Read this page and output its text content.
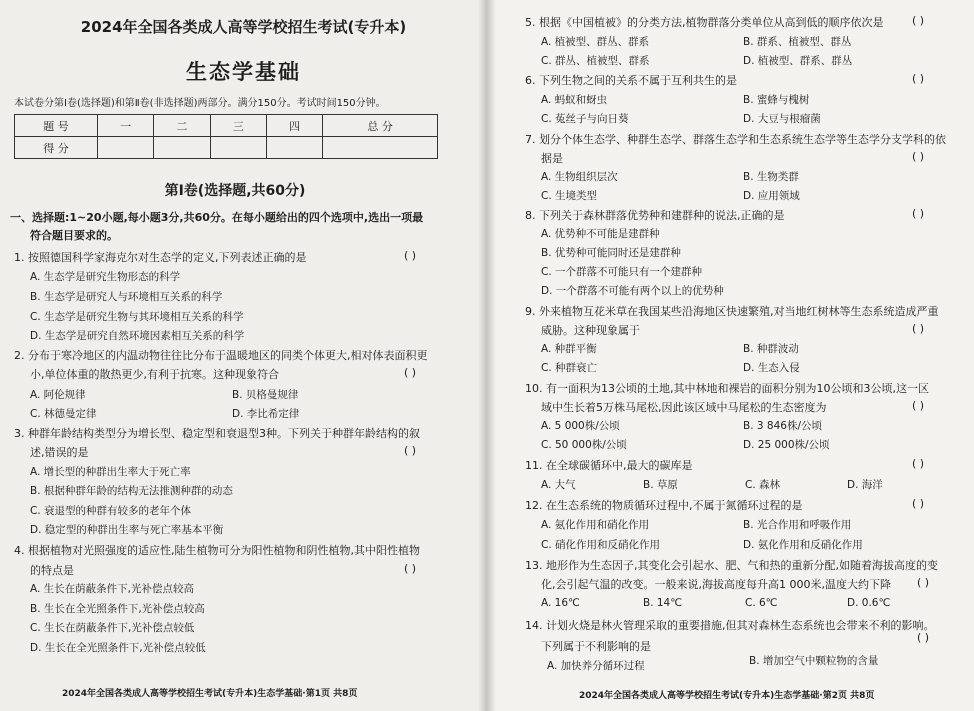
2024年全国各类成人高等学校招生考试(专升本)
生态学基础
本试卷分第Ⅰ卷(选择题)和第Ⅱ卷(非选择题)两部分。满分150分。考试时间150分钟。
题 号	一	二	三	四	总 分
得 分					
第Ⅰ卷(选择题,共60分)
一、选择题:1~20小题,每小题3分,共60分。在每小题给出的四个选项中,选出一项最
符合题目要求的。
1. 按照德国科学家海克尔对生态学的定义,下列表述正确的是	( )
A. 生态学是研究生物形态的科学
B. 生态学是研究人与环境相互关系的科学
C. 生态学是研究生物与其环境相互关系的科学
D. 生态学是研究自然环境因素相互关系的科学
2. 分布于寒冷地区的内温动物往往比分布于温暖地区的同类个体更大,相对体表面积更
小,单位体重的散热更少,有利于抗寒。这种现象符合	( )
A. 阿伦规律	B. 贝格曼规律
C. 林德曼定律	D. 李比希定律
3. 种群年龄结构类型分为增长型、稳定型和衰退型3种。下列关于种群年龄结构的叙
述,错误的是	( )
A. 增长型的种群出生率大于死亡率
B. 根据种群年龄的结构无法推测种群的动态
C. 衰退型的种群有较多的老年个体
D. 稳定型的种群出生率与死亡率基本平衡
4. 根据植物对光照强度的适应性,陆生植物可分为阳性植物和阴性植物,其中阳性植物
的特点是	( )
A. 生长在荫蔽条件下,光补偿点较高
B. 生长在全光照条件下,光补偿点较高
C. 生长在荫蔽条件下,光补偿点较低
D. 生长在全光照条件下,光补偿点较低
2024年全国各类成人高等学校招生考试(专升本)生态学基础·第1页 共8页
5. 根据《中国植被》的分类方法,植物群落分类单位从高到低的顺序依次是	( )
A. 植被型、群丛、群系	B. 群系、植被型、群丛
C. 群丛、植被型、群系	D. 植被型、群系、群丛
6. 下列生物之间的关系不属于互利共生的是	( )
A. 蚂蚁和蚜虫	B. 蜜蜂与槐树
C. 菟丝子与向日葵	D. 大豆与根瘤菌
7. 划分个体生态学、种群生态学、群落生态学和生态系统生态学等生态学分支学科的依
据是	( )
A. 生物组织层次	B. 生物类群
C. 生境类型	D. 应用领域
8. 下列关于森林群落优势种和建群种的说法,正确的是	( )
A. 优势种不可能是建群种
B. 优势种可能同时还是建群种
C. 一个群落不可能只有一个建群种
D. 一个群落不可能有两个以上的优势种
9. 外来植物互花米草在我国某些沿海地区快速繁殖,对当地红树林等生态系统造成严重
威胁。这种现象属于	( )
A. 种群平衡	B. 种群波动
C. 种群衰亡	D. 生态入侵
10. 有一面积为13公顷的土地,其中林地和裸岩的面积分别为10公顷和3公顷,这一区
域中生长着5万株马尾松,因此该区域中马尾松的生态密度为	( )
A. 5 000株/公顷	B. 3 846株/公顷
C. 50 000株/公顷	D. 25 000株/公顷
11. 在全球碳循环中,最大的碳库是	( )
A. 大气	B. 草原	C. 森林	D. 海洋
12. 在生态系统的物质循环过程中,不属于氮循环过程的是	( )
A. 氨化作用和硝化作用	B. 光合作用和呼吸作用
C. 硝化作用和反硝化作用	D. 氨化作用和反硝化作用
13. 地形作为生态因子,其变化会引起水、肥、气和热的重新分配,如随着海拔高度的变
化,会引起气温的改变。一般来说,海拔高度每升高1 000米,温度大约下降 ( )
A. 16℃	B. 14℃	C. 6℃	D. 0.6℃
14. 计划火烧是林火管理采取的重要措施,但其对森林生态系统也会带来不利的影响。
( )
下列属于不利影响的是
A. 加快养分循环过程	B. 增加空气中颗粒物的含量
2024年全国各类成人高等学校招生考试(专升本)生态学基础·第2页 共8页
